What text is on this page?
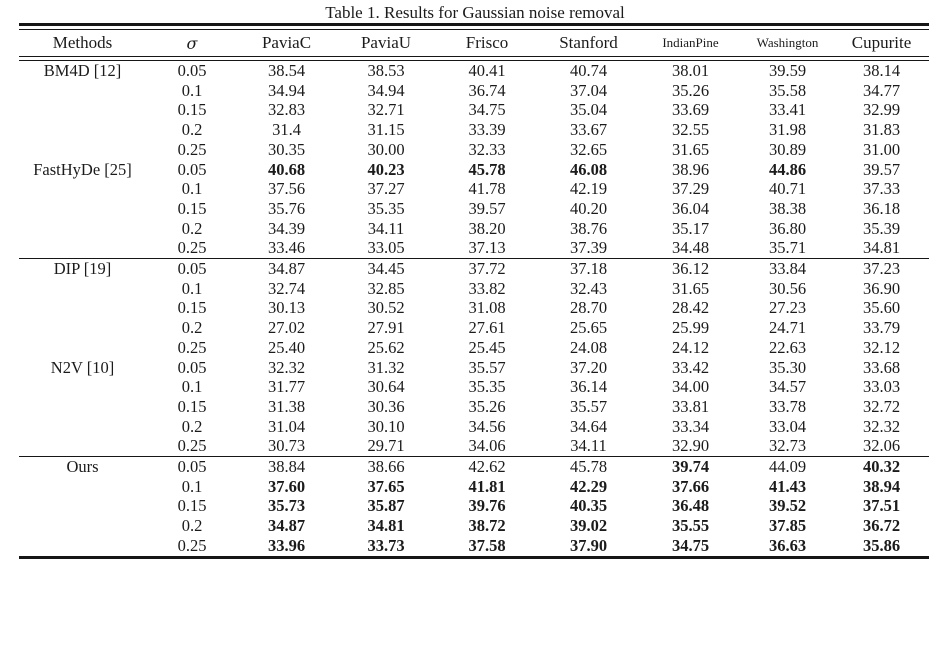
Table 1. Results for Gaussian noise removal

Methods	σ	PaviaC	PaviaU	Frisco	Stanford	IndianPine	Washington	Cupurite

BM4D [12]	0.05	38.54	38.53	40.41	40.74	38.01	39.59	38.14
	0.1	34.94	34.94	36.74	37.04	35.26	35.58	34.77
	0.15	32.83	32.71	34.75	35.04	33.69	33.41	32.99
	0.2	31.4	31.15	33.39	33.67	32.55	31.98	31.83
	0.25	30.35	30.00	32.33	32.65	31.65	30.89	31.00
FastHyDe [25]	0.05	40.68	40.23	45.78	46.08	38.96	44.86	39.57
	0.1	37.56	37.27	41.78	42.19	37.29	40.71	37.33
	0.15	35.76	35.35	39.57	40.20	36.04	38.38	36.18
	0.2	34.39	34.11	38.20	38.76	35.17	36.80	35.39
	0.25	33.46	33.05	37.13	37.39	34.48	35.71	34.81
DIP [19]	0.05	34.87	34.45	37.72	37.18	36.12	33.84	37.23
	0.1	32.74	32.85	33.82	32.43	31.65	30.56	36.90
	0.15	30.13	30.52	31.08	28.70	28.42	27.23	35.60
	0.2	27.02	27.91	27.61	25.65	25.99	24.71	33.79
	0.25	25.40	25.62	25.45	24.08	24.12	22.63	32.12
N2V [10]	0.05	32.32	31.32	35.57	37.20	33.42	35.30	33.68
	0.1	31.77	30.64	35.35	36.14	34.00	34.57	33.03
	0.15	31.38	30.36	35.26	35.57	33.81	33.78	32.72
	0.2	31.04	30.10	34.56	34.64	33.34	33.04	32.32
	0.25	30.73	29.71	34.06	34.11	32.90	32.73	32.06
Ours	0.05	38.84	38.66	42.62	45.78	39.74	44.09	40.32
	0.1	37.60	37.65	41.81	42.29	37.66	41.43	38.94
	0.15	35.73	35.87	39.76	40.35	36.48	39.52	37.51
	0.2	34.87	34.81	38.72	39.02	35.55	37.85	36.72
	0.25	33.96	33.73	37.58	37.90	34.75	36.63	35.86
